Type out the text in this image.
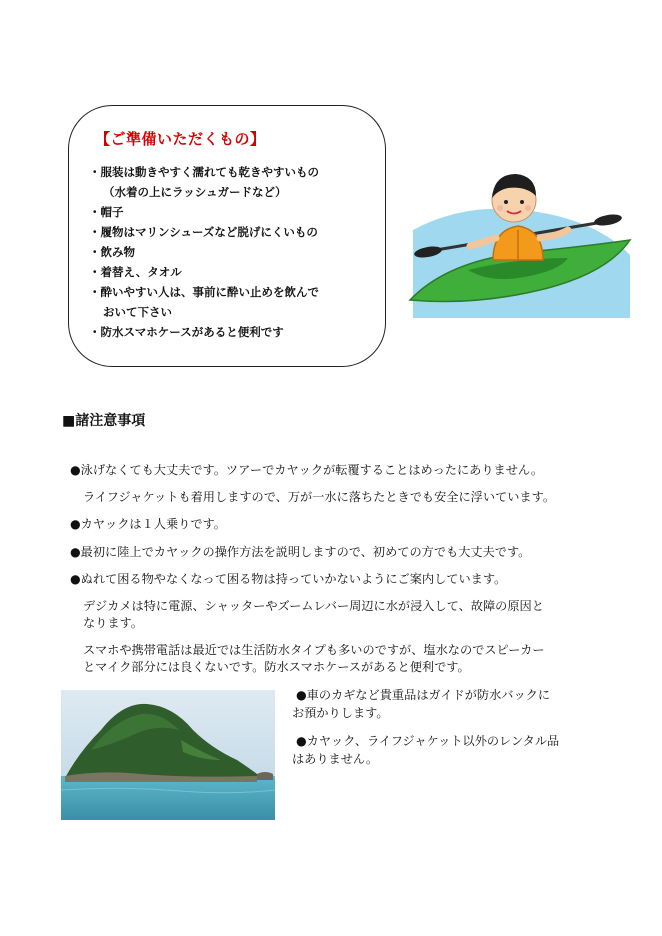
【ご準備いただくもの】
・服装は動きやすく濡れても乾きやすいもの
（水着の上にラッシュガードなど）
・帽子
・履物はマリンシューズなど脱げにくいもの
・飲み物
・着替え、タオル
・酔いやすい人は、事前に酔い止めを飲んで
おいて下さい
・防水スマホケースがあると便利です
■諸注意事項

●泳げなくても大丈夫です。ツアーでカヤックが転覆することはめったにありません。

ライフジャケットも着用しますので、万が一水に落ちたときでも安全に浮いています。

●カヤックは１人乗りです。

●最初に陸上でカヤックの操作方法を説明しますので、初めての方でも大丈夫です。

●ぬれて困る物やなくなって困る物は持っていかないようにご案内しています。

デジカメは特に電源、シャッターやズームレバー周辺に水が浸入して、故障の原因と

なります。

スマホや携帯電話は最近では生活防水タイプも多いのですが、塩水なのでスピーカー

とマイク部分には良くないです。防水スマホケースがあると便利です。

●車のカギなど貴重品はガイドが防水バックに

お預かりします。

●カヤック、ライフジャケット以外のレンタル品

はありません。
